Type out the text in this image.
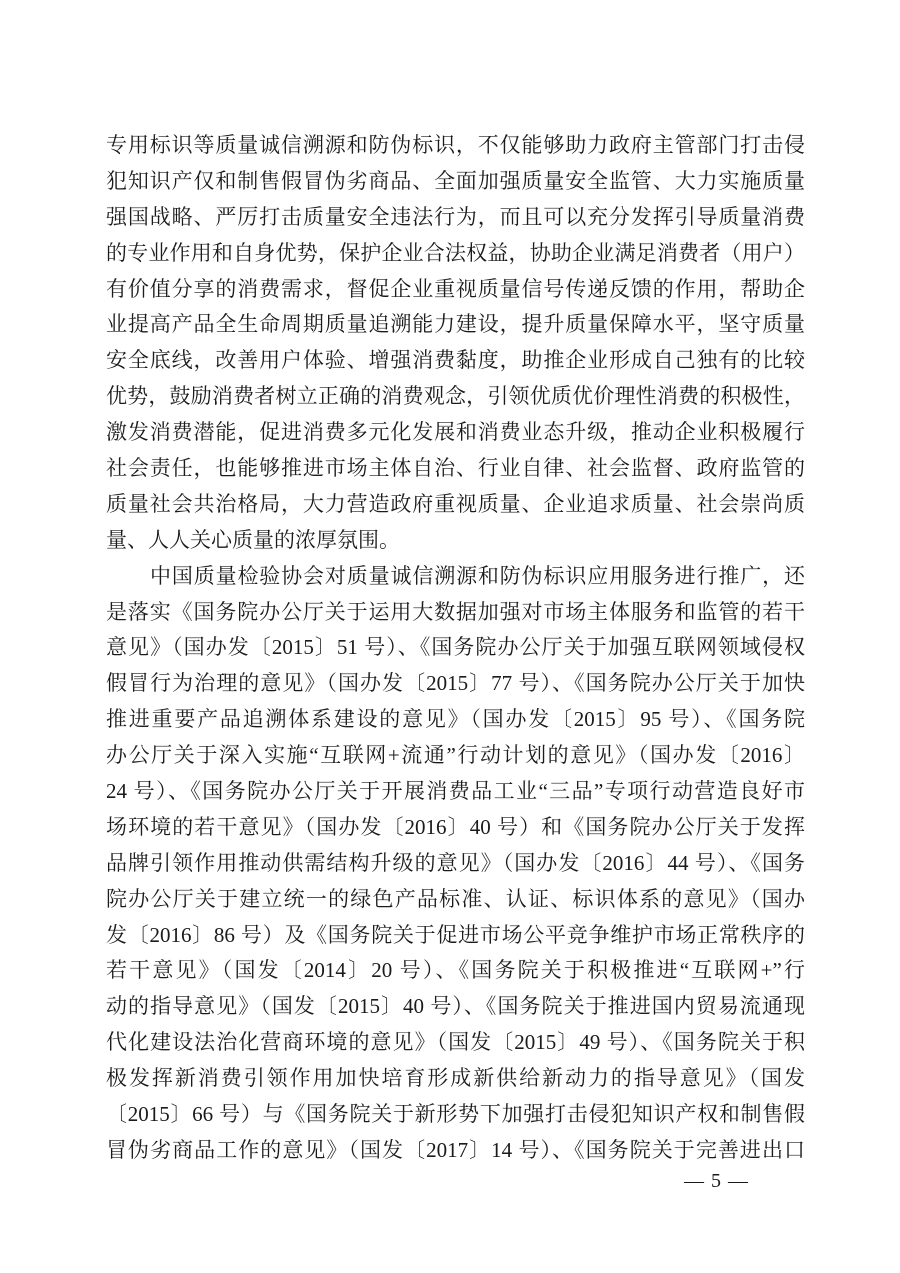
专用标识等质量诚信溯源和防伪标识，不仅能够助力政府主管部门打击侵
犯知识产仅和制售假冒伪劣商品、全面加强质量安全监管、大力实施质量
强国战略、严厉打击质量安全违法行为，而且可以充分发挥引导质量消费
的专业作用和自身优势，保护企业合法权益，协助企业满足消费者（用户）
有价值分享的消费需求，督促企业重视质量信号传递反馈的作用，帮助企
业提高产品全生命周期质量追溯能力建设，提升质量保障水平，坚守质量
安全底线，改善用户体验、增强消费黏度，助推企业形成自己独有的比较
优势，鼓励消费者树立正确的消费观念，引领优质优价理性消费的积极性，
激发消费潜能，促进消费多元化发展和消费业态升级，推动企业积极履行
社会责任，也能够推进市场主体自治、行业自律、社会监督、政府监管的
质量社会共治格局，大力营造政府重视质量、企业追求质量、社会崇尚质
量、人人关心质量的浓厚氛围。
中国质量检验协会对质量诚信溯源和防伪标识应用服务进行推广，还
是落实《国务院办公厅关于运用大数据加强对市场主体服务和监管的若干
意见》（国办发〔2015〕51 号）、《国务院办公厅关于加强互联网领域侵权
假冒行为治理的意见》（国办发〔2015〕77 号）、《国务院办公厅关于加快
推进重要产品追溯体系建设的意见》（国办发〔2015〕95 号）、《国务院
办公厅关于深入实施“互联网+流通”行动计划的意见》（国办发〔2016〕
24 号）、《国务院办公厅关于开展消费品工业“三品”专项行动营造良好市
场环境的若干意见》（国办发〔2016〕40 号）和《国务院办公厅关于发挥
品牌引领作用推动供需结构升级的意见》（国办发〔2016〕44 号）、《国务
院办公厅关于建立统一的绿色产品标准、认证、标识体系的意见》（国办
发〔2016〕86 号）及《国务院关于促进市场公平竞争维护市场正常秩序的
若干意见》（国发〔2014〕20 号）、《国务院关于积极推进“互联网+”行
动的指导意见》（国发〔2015〕40 号）、《国务院关于推进国内贸易流通现
代化建设法治化营商环境的意见》（国发〔2015〕49 号）、《国务院关于积
极发挥新消费引领作用加快培育形成新供给新动力的指导意见》（国发
〔2015〕66 号）与《国务院关于新形势下加强打击侵犯知识产权和制售假
冒伪劣商品工作的意见》（国发〔2017〕14 号）、《国务院关于完善进出口
— 5 —
